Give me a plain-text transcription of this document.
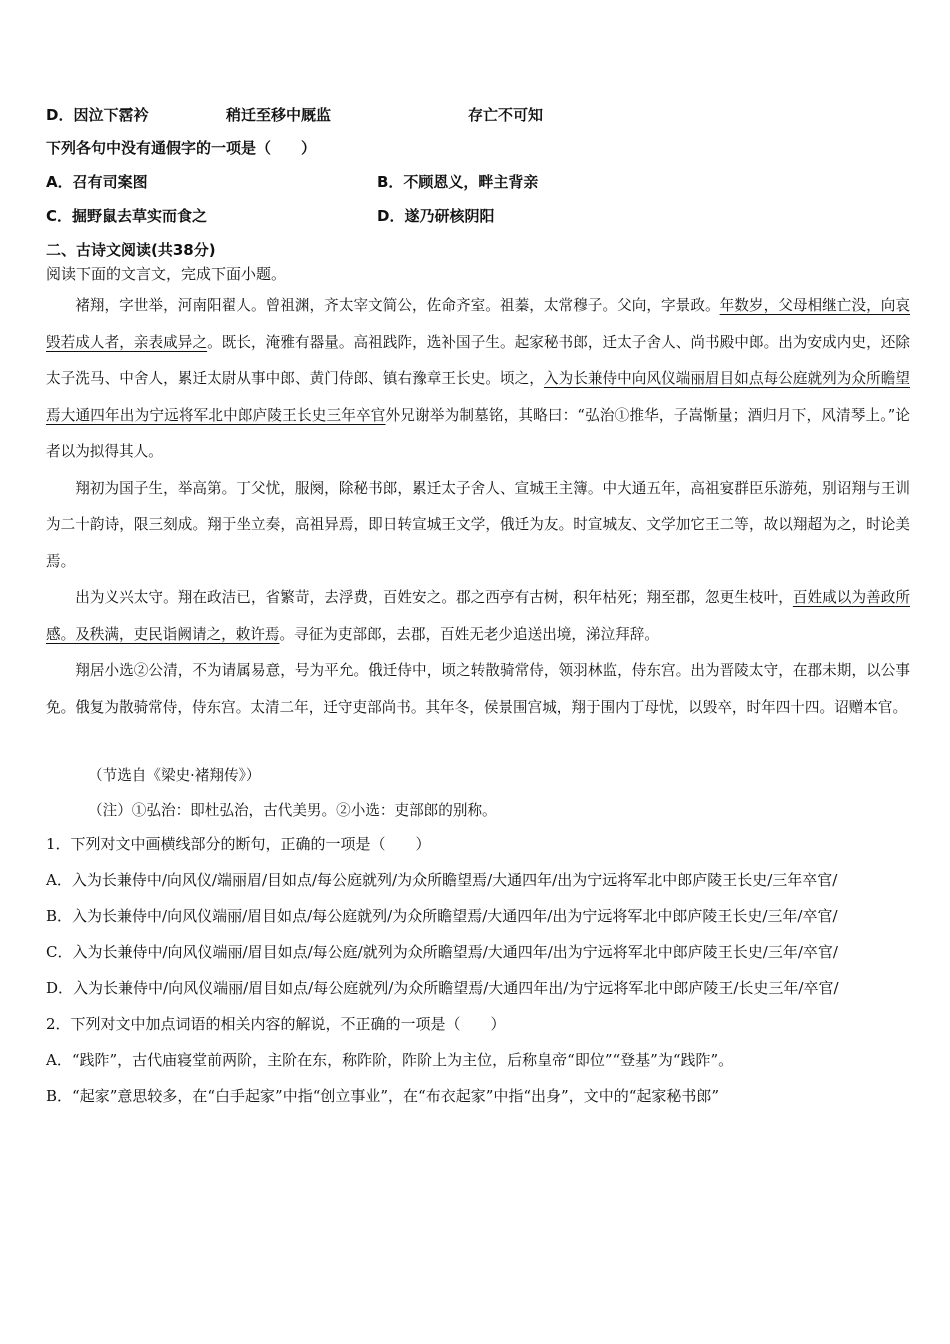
D．因泣下霑衿	稍迁至移中厩监	存亡不可知
下列各句中没有通假字的一项是（　　）
A．召有司案图	B．不顾恩义，畔主背亲
C．掘野鼠去草实而食之	D．遂乃研核阴阳
二、古诗文阅读(共38分)
阅读下面的文言文，完成下面小题。

褚翔，字世举，河南阳翟人。曾祖渊，齐太宰文简公，佐命齐室。祖蓁，太常穆子。父向，字景政。年数岁，父母相继亡没，向哀毁若成人者，亲表咸异之。既长，淹雅有器量。高祖践阼，选补国子生。起家秘书郎，迁太子舍人、尚书殿中郎。出为安成内史，还除太子洗马、中舍人，累迁太尉从事中郎、黄门侍郎、镇右豫章王长史。顷之，入为长兼侍中向风仪端丽眉目如点每公庭就列为众所瞻望焉大通四年出为宁远将军北中郎庐陵王长史三年卒官外兄谢举为制墓铭，其略曰：“弘治①推华，子嵩惭量；酒归月下，风清琴上。”论者以为拟得其人。

翔初为国子生，举高第。丁父忧，服阕，除秘书郎，累迁太子舍人、宣城王主簿。中大通五年，高祖宴群臣乐游苑，别诏翔与王训为二十韵诗，限三刻成。翔于坐立奏，高祖异焉，即日转宣城王文学，俄迁为友。时宣城友、文学加它王二等，故以翔超为之，时论美焉。

出为义兴太守。翔在政洁已，省繁苛，去浮费，百姓安之。郡之西亭有古树，积年枯死；翔至郡，忽更生枝叶，百姓咸以为善政所感。及秩满，吏民诣阙请之，敕许焉。寻征为吏部郎，去郡，百姓无老少追送出境，涕泣拜辞。

翔居小选②公清，不为请属易意，号为平允。俄迁侍中，顷之转散骑常侍，领羽林监，侍东宫。出为晋陵太守，在郡未期，以公事免。俄复为散骑常侍，侍东宫。太清二年，迁守吏部尚书。其年冬，侯景围宫城，翔于围内丁母忧，以毁卒，时年四十四。诏赠本官。

（节选自《梁史·褚翔传》）
（注）①弘治：即杜弘治，古代美男。②小选：吏部郎的别称。
1．下列对文中画横线部分的断句，正确的一项是（　　）
A．入为长兼侍中/向风仪/端丽眉/目如点/每公庭就列/为众所瞻望焉/大通四年/出为宁远将军北中郎庐陵王长史/三年卒官/
B．入为长兼侍中/向风仪端丽/眉目如点/每公庭就列/为众所瞻望焉/大通四年/出为宁远将军北中郎庐陵王长史/三年/卒官/
C．入为长兼侍中/向风仪端丽/眉目如点/每公庭/就列为众所瞻望焉/大通四年/出为宁远将军北中郎庐陵王长史/三年/卒官/
D．入为长兼侍中/向风仪端丽/眉目如点/每公庭就列/为众所瞻望焉/大通四年出/为宁远将军北中郎庐陵王/长史三年/卒官/
2．下列对文中加点词语的相关内容的解说，不正确的一项是（　　）
A．“践阼”，古代庙寝堂前两阶，主阶在东，称阼阶，阼阶上为主位，后称皇帝“即位”“登基”为“践阼”。
B．“起家”意思较多，在“白手起家”中指“创立事业”，在“布衣起家”中指“出身”，文中的“起家秘书郎”
